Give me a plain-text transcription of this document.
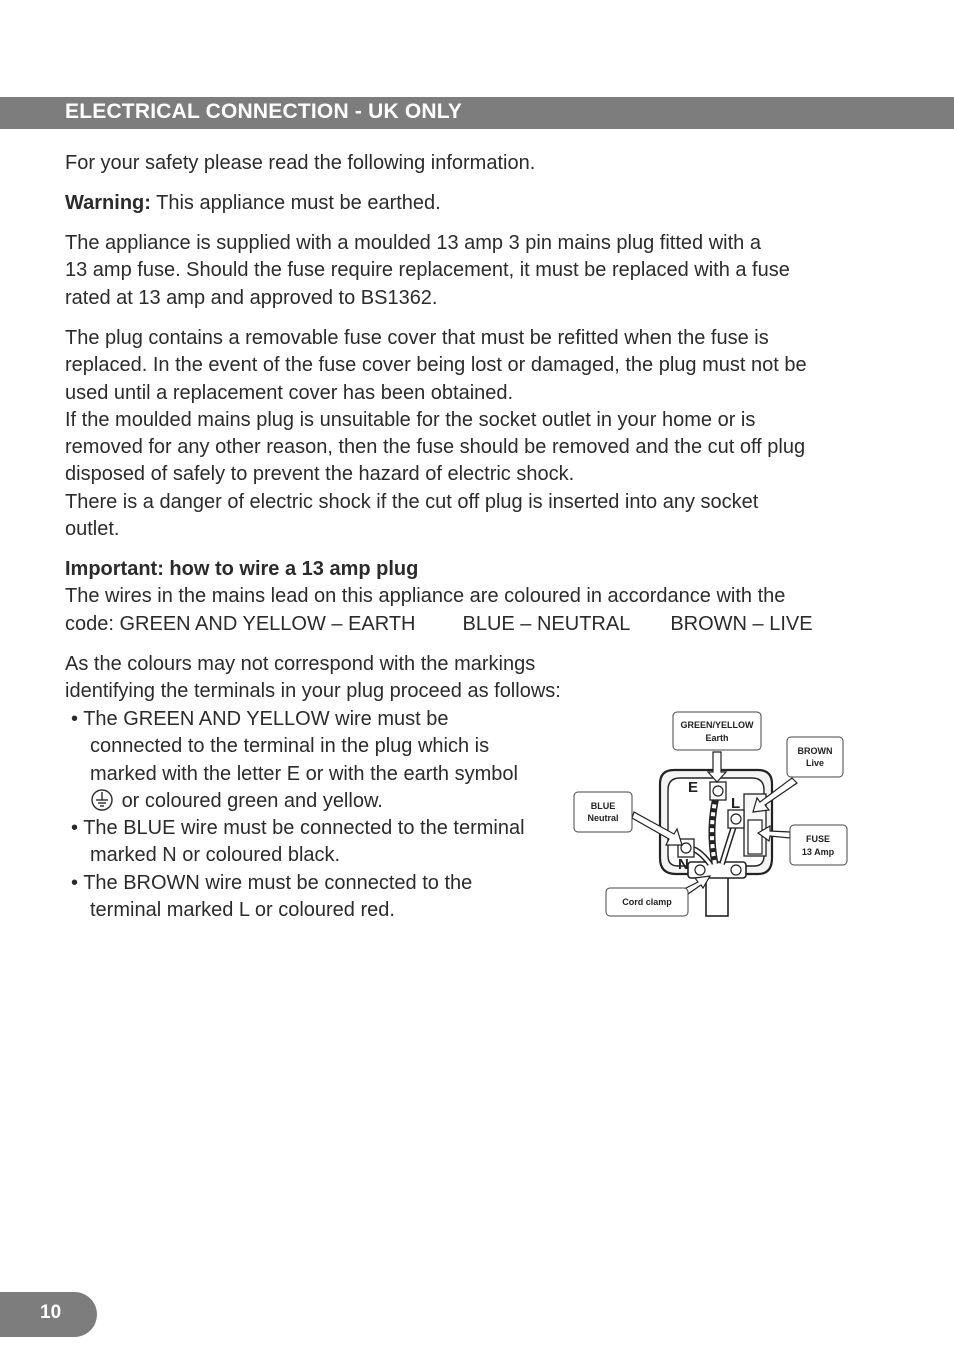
ELECTRICAL CONNECTION - UK ONLY

For your safety please read the following information.

Warning: This appliance must be earthed.

The appliance is supplied with a moulded 13 amp 3 pin mains plug fitted with a
13 amp fuse. Should the fuse require replacement, it must be replaced with a fuse
rated at 13 amp and approved to BS1362.
The plug contains a removable fuse cover that must be refitted when the fuse is
replaced. In the event of the fuse cover being lost or damaged, the plug must not be
used until a replacement cover has been obtained.
If the moulded mains plug is unsuitable for the socket outlet in your home or is
removed for any other reason, then the fuse should be removed and the cut off plug
disposed of safely to prevent the hazard of electric shock.
There is a danger of electric shock if the cut off plug is inserted into any socket
outlet.
Important: how to wire a 13 amp plug
The wires in the mains lead on this appliance are coloured in accordance with the
code: GREEN AND YELLOW – EARTH BLUE – NEUTRAL BROWN – LIVE
As the colours may not correspond with the markings
identifying the terminals in your plug proceed as follows:
• The GREEN AND YELLOW wire must be
connected to the terminal in the plug which is
marked with the letter E or with the earth symbol
or coloured green and yellow.
• The BLUE wire must be connected to the terminal
marked N or coloured black.
• The BROWN wire must be connected to the
terminal marked L or coloured red.
E
L
N
GREEN/YELLOW
Earth
BROWN
Live
BLUE
Neutral
FUSE
13 Amp
Cord clamp
10
